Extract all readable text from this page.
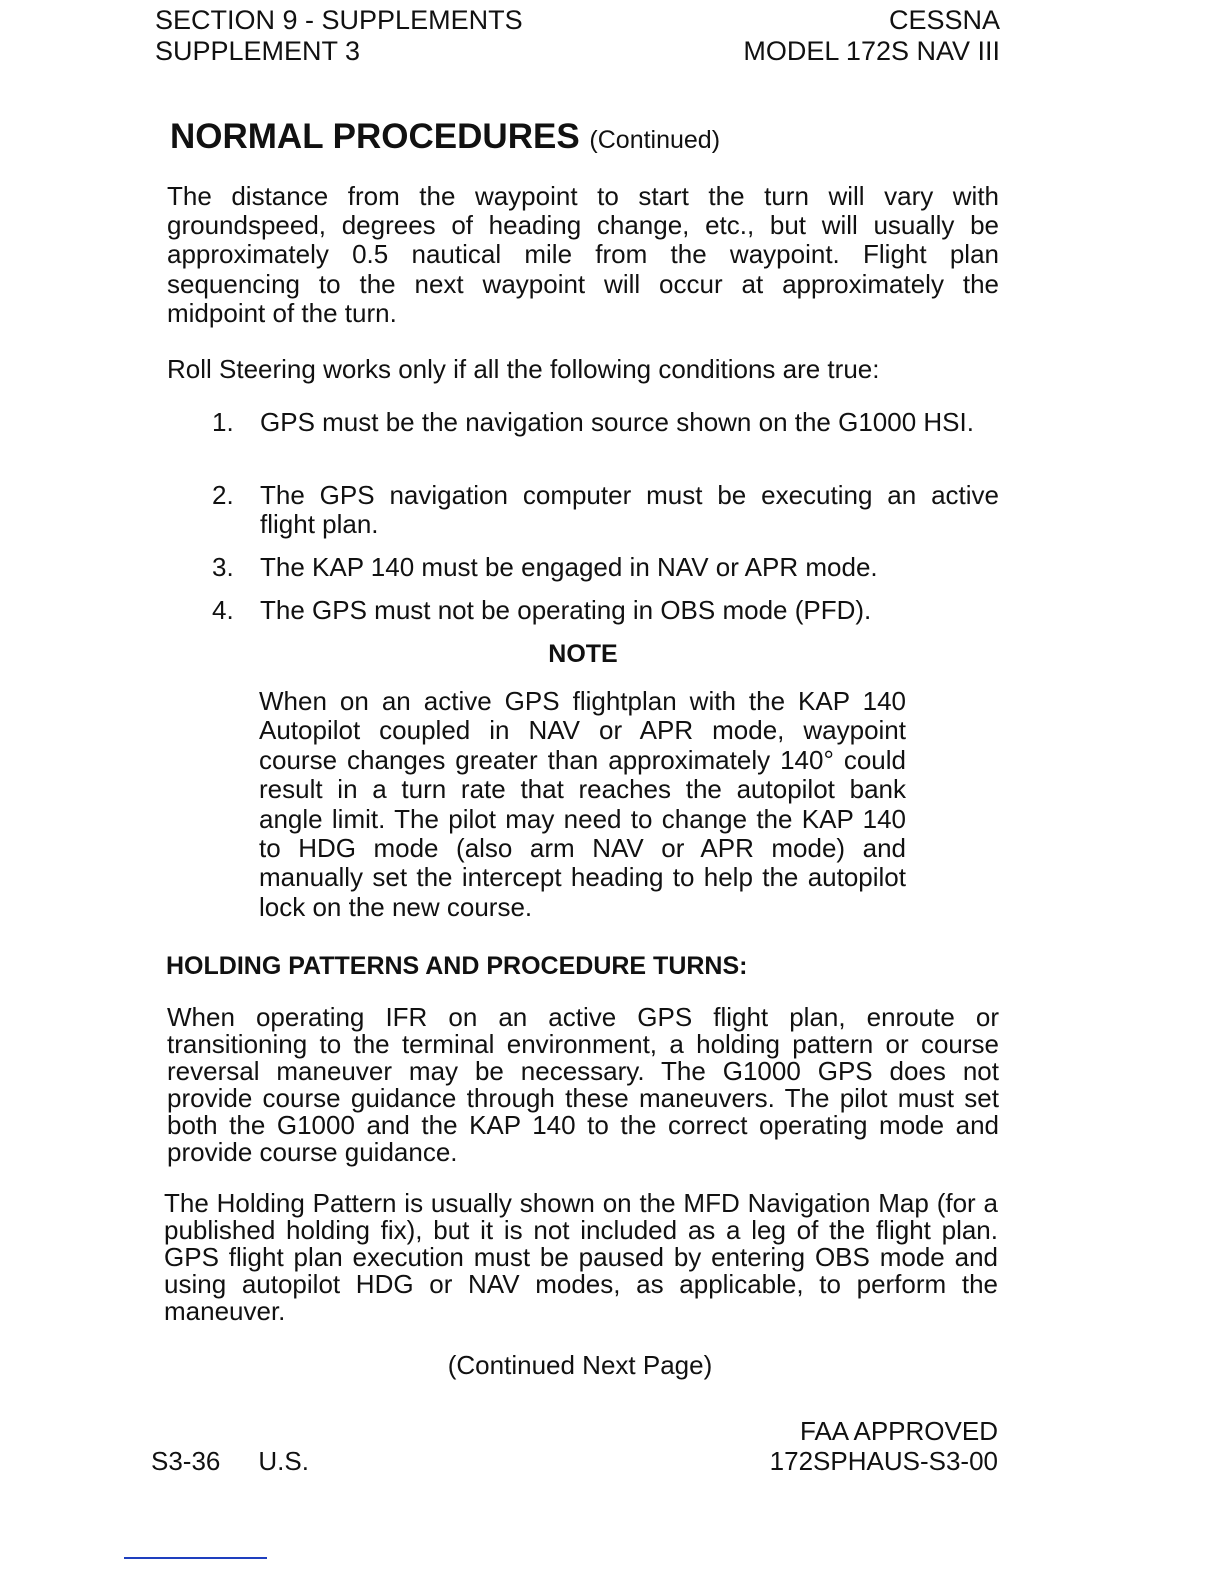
SECTION 9 - SUPPLEMENTS
SUPPLEMENT 3
CESSNA
MODEL 172S NAV III
NORMAL PROCEDURES (Continued)
The distance from the waypoint to start the turn will vary with groundspeed, degrees of heading change, etc., but will usually be approximately 0.5 nautical mile from the waypoint. Flight plan sequencing to the next waypoint will occur at approximately the midpoint of the turn.
Roll Steering works only if all the following conditions are true:
1.	GPS must be the navigation source shown on the G1000 HSI.
2.	The GPS navigation computer must be executing an active flight plan.
3.	The KAP 140 must be engaged in NAV or APR mode.
4.	The GPS must not be operating in OBS mode (PFD).
NOTE
When on an active GPS flightplan with the KAP 140 Autopilot coupled in NAV or APR mode, waypoint course changes greater than approximately 140° could result in a turn rate that reaches the autopilot bank angle limit. The pilot may need to change the KAP 140 to HDG mode (also arm NAV or APR mode) and manually set the intercept heading to help the autopilot lock on the new course.
HOLDING PATTERNS AND PROCEDURE TURNS:
When operating IFR on an active GPS flight plan, enroute or transitioning to the terminal environment, a holding pattern or course reversal maneuver may be necessary. The G1000 GPS does not provide course guidance through these maneuvers. The pilot must set both the G1000 and the KAP 140 to the correct operating mode and provide course guidance.
The Holding Pattern is usually shown on the MFD Navigation Map (for a published holding fix), but it is not included as a leg of the flight plan. GPS flight plan execution must be paused by entering OBS mode and using autopilot HDG or NAV modes, as applicable, to perform the maneuver.
(Continued Next Page)
S3-36 U.S.
FAA APPROVED
172SPHAUS-S3-00
